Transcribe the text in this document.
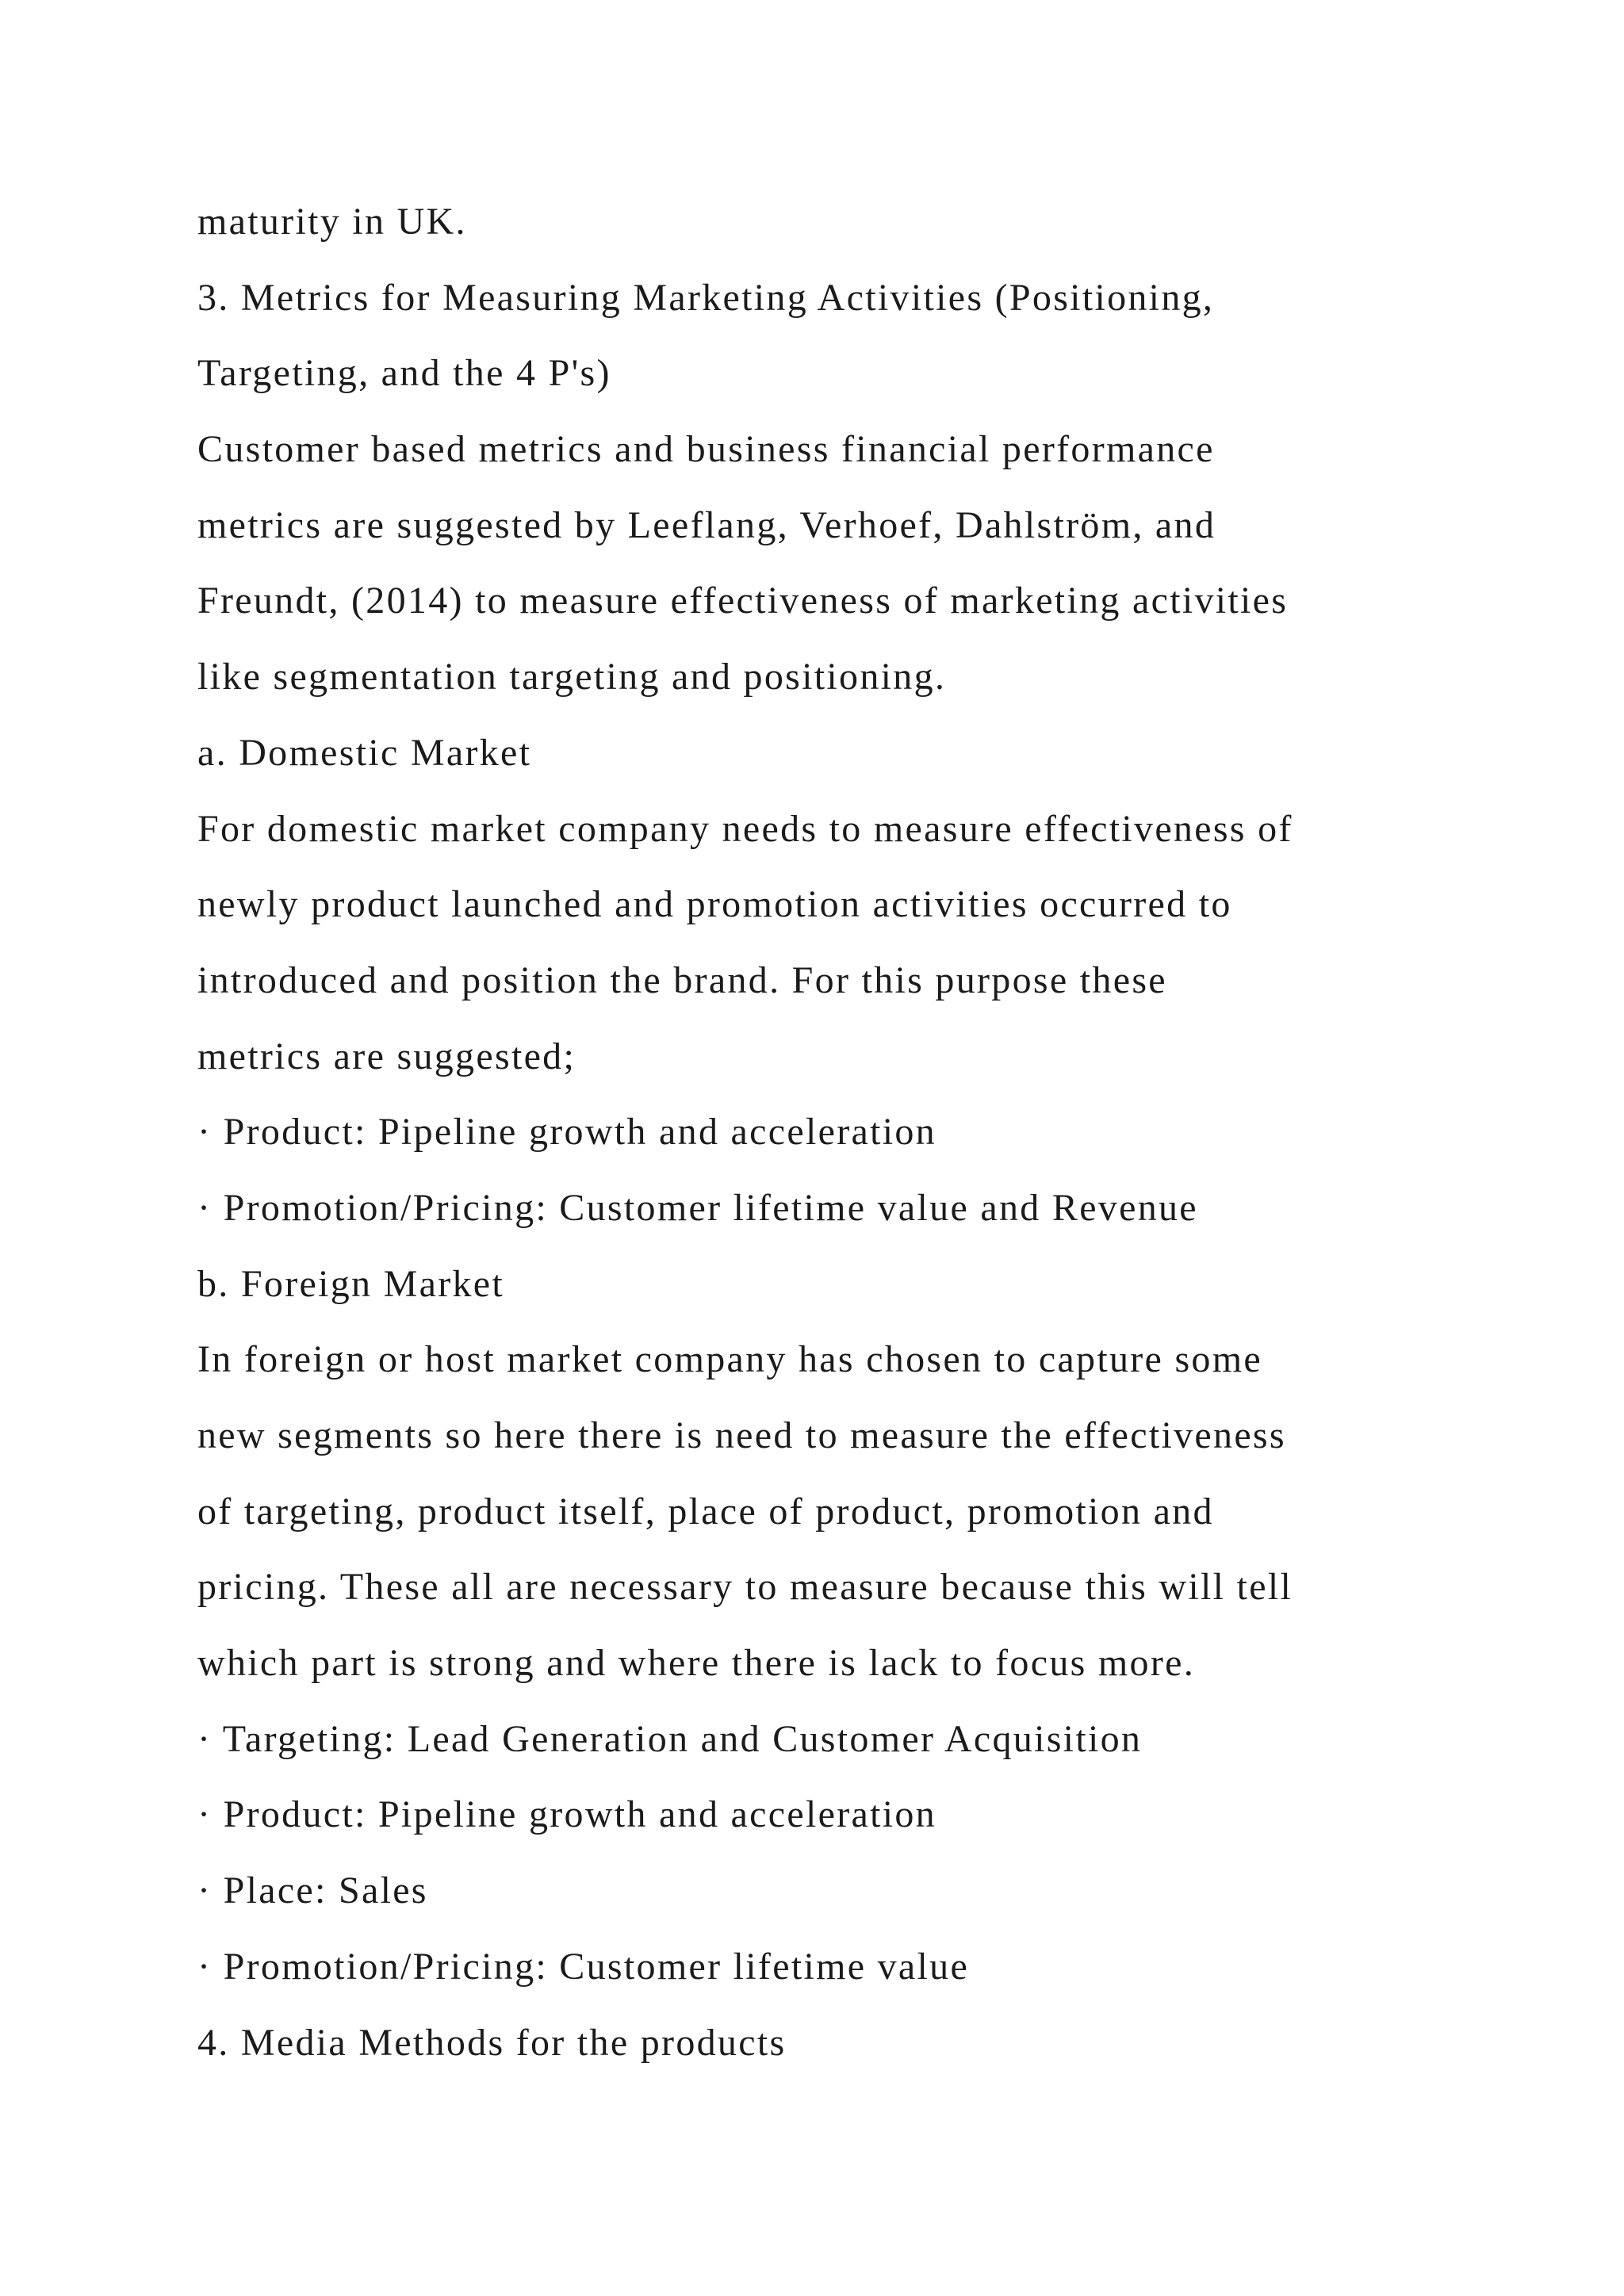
maturity in UK.
3. Metrics for Measuring Marketing Activities (Positioning,
Targeting, and the 4 P's)
Customer based metrics and business financial performance
metrics are suggested by Leeflang, Verhoef, Dahlström, and
Freundt, (2014) to measure effectiveness of marketing activities
like segmentation targeting and positioning.
a. Domestic Market
For domestic market company needs to measure effectiveness of
newly product launched and promotion activities occurred to
introduced and position the brand. For this purpose these
metrics are suggested;
· Product: Pipeline growth and acceleration
· Promotion/Pricing: Customer lifetime value and Revenue
b. Foreign Market
In foreign or host market company has chosen to capture some
new segments so here there is need to measure the effectiveness
of targeting, product itself, place of product, promotion and
pricing. These all are necessary to measure because this will tell
which part is strong and where there is lack to focus more.
· Targeting: Lead Generation and Customer Acquisition
· Product: Pipeline growth and acceleration
· Place: Sales
· Promotion/Pricing: Customer lifetime value
4. Media Methods for the products
